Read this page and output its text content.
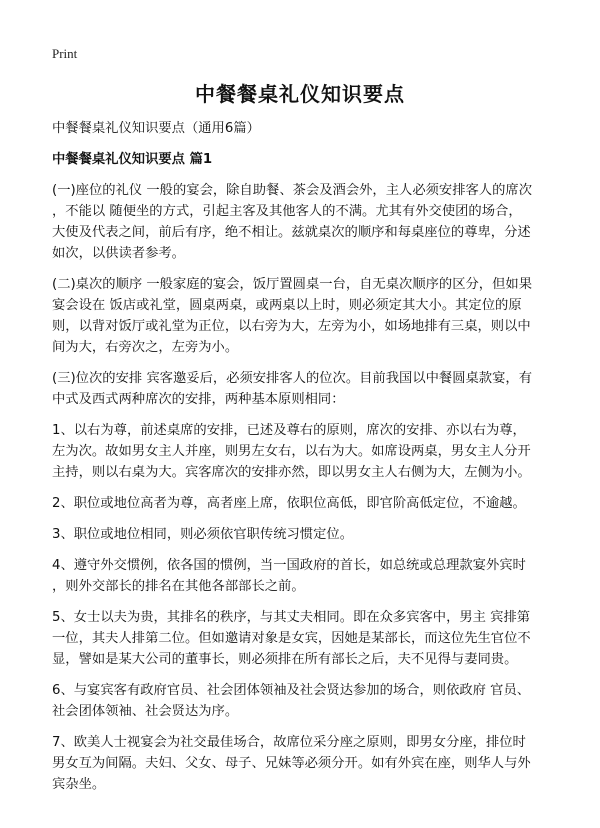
Print
中餐餐桌礼仪知识要点
中餐餐桌礼仪知识要点（通用6篇）
中餐餐桌礼仪知识要点 篇1
(一)座位的礼仪 一般的宴会，除自助餐、茶会及酒会外，主人必须安排客人的席次
，不能以 随便坐的方式，引起主客及其他客人的不满。尤其有外交使团的场合，
大使及代表之间，前后有序，绝不相让。兹就桌次的顺序和每桌座位的尊卑，分述
如次，以供读者参考。
(二)桌次的顺序 一般家庭的宴会，饭厅置圆桌一台，自无桌次顺序的区分，但如果
宴会设在 饭店或礼堂，圆桌两桌，或两桌以上时，则必须定其大小。其定位的原
则，以背对饭厅或礼堂为正位，以右旁为大，左旁为小，如场地排有三桌，则以中
间为大，右旁次之，左旁为小。
(三)位次的安排 宾客邀妥后，必须安排客人的位次。目前我国以中餐圆桌款宴，有
中式及西式两种席次的安排，两种基本原则相同：
1、以右为尊，前述桌席的安排，已述及尊右的原则，席次的安排、亦以右为尊，
左为次。故如男女主人并座，则男左女右，以右为大。如席设两桌，男女主人分开
主持，则以右桌为大。宾客席次的安排亦然，即以男女主人右侧为大，左侧为小。
2、职位或地位高者为尊，高者座上席，依职位高低，即官阶高低定位，不逾越。
3、职位或地位相同，则必须依官职传统习惯定位。
4、遵守外交惯例，依各国的惯例，当一国政府的首长，如总统或总理款宴外宾时
，则外交部长的排名在其他各部部长之前。
5、女士以夫为贵，其排名的秩序，与其丈夫相同。即在众多宾客中，男主 宾排第
一位，其夫人排第二位。但如邀请对象是女宾，因她是某部长，而这位先生官位不
显，譬如是某大公司的董事长，则必须排在所有部长之后，夫不见得与妻同贵。
6、与宴宾客有政府官员、社会团体领袖及社会贤达参加的场合，则依政府 官员、
社会团体领袖、社会贤达为序。
7、欧美人士视宴会为社交最佳场合，故席位采分座之原则，即男女分座，排位时
男女互为间隔。夫妇、父女、母子、兄妹等必须分开。如有外宾在座，则华人与外
宾杂坐。
